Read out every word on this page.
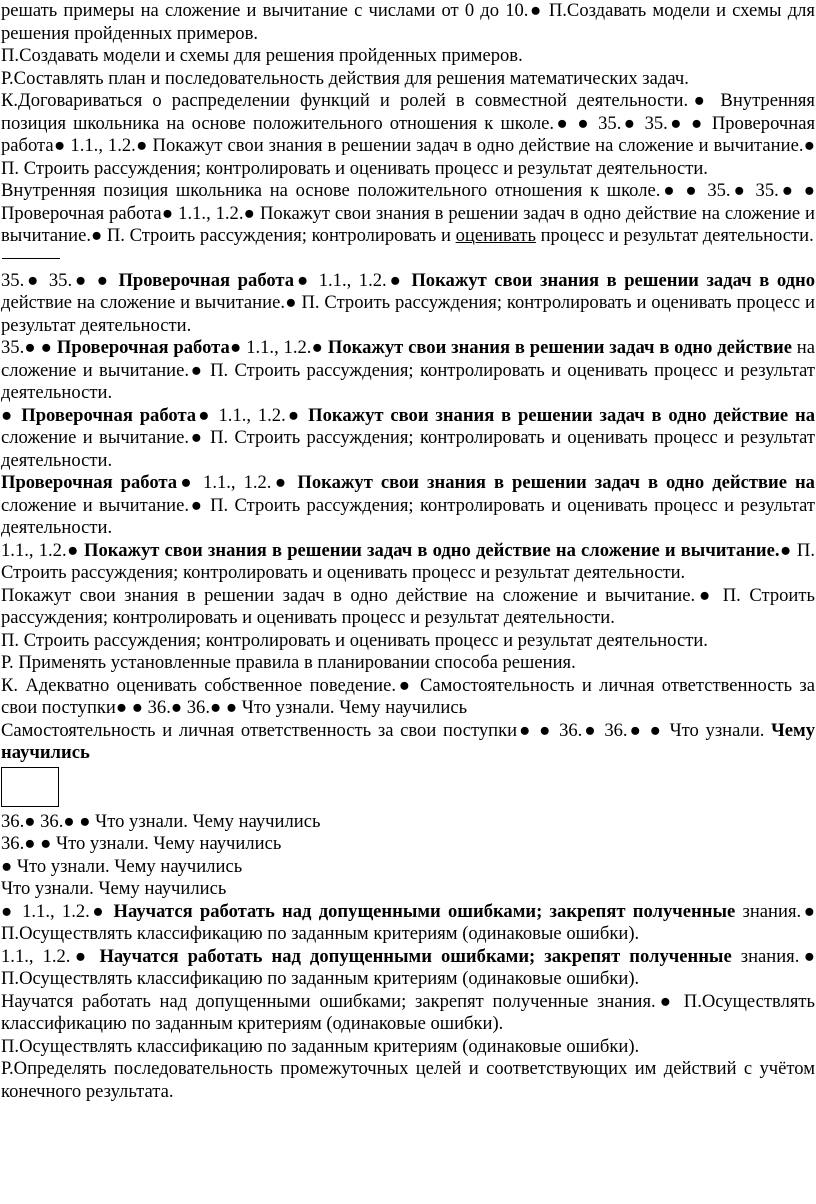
решать примеры на сложение и вычитание с числами от 0 до 10.● П.Создавать модели и схемы для решения пройденных примеров.

П.Создавать модели и схемы для решения пройденных примеров.

Р.Составлять план и последовательность действия для решения математических задач.

К.Договариваться о распределении функций и ролей в совместной деятельности.● Внутренняя позиция школьника на основе положительного отношения к школе.● ● 35.● 35.● ● Проверочная работа● 1.1., 1.2.● Покажут свои знания в решении задач в одно действие на сложение и вычитание.● П. Строить рассуждения; контролировать и оценивать процесс и результат деятельности.

Внутренняя позиция школьника на основе положительного отношения к школе.● ● 35.● 35.● ● Проверочная работа● 1.1., 1.2.● Покажут свои знания в решении задач в одно действие на сложение и вычитание.● П. Строить рассуждения; контролировать и оценивать процесс и результат деятельности.

35.● 35.● ● Проверочная работа● 1.1., 1.2.● Покажут свои знания в решении задач в одно действие на сложение и вычитание.● П. Строить рассуждения; контролировать и оценивать процесс и результат деятельности.

35.● ● Проверочная работа● 1.1., 1.2.● Покажут свои знания в решении задач в одно действие на сложение и вычитание.● П. Строить рассуждения; контролировать и оценивать процесс и результат деятельности.

● Проверочная работа● 1.1., 1.2.● Покажут свои знания в решении задач в одно действие на сложение и вычитание.● П. Строить рассуждения; контролировать и оценивать процесс и результат деятельности.

Проверочная работа● 1.1., 1.2.● Покажут свои знания в решении задач в одно действие на сложение и вычитание.● П. Строить рассуждения; контролировать и оценивать процесс и результат деятельности.

1.1., 1.2.● Покажут свои знания в решении задач в одно действие на сложение и вычитание.● П. Строить рассуждения; контролировать и оценивать процесс и результат деятельности.

Покажут свои знания в решении задач в одно действие на сложение и вычитание.● П. Строить рассуждения; контролировать и оценивать процесс и результат деятельности.

П. Строить рассуждения; контролировать и оценивать процесс и результат деятельности.

Р. Применять установленные правила в планировании способа решения.

К. Адекватно оценивать собственное поведение.● Самостоятельность и личная ответственность за свои поступки● ● 36.● 36.● ● Что узнали. Чему научились

Самостоятельность и личная ответственность за свои поступки● ● 36.● 36.● ● Что узнали. Чему научились

36.● 36.● ● Что узнали. Чему научились

36.● ● Что узнали. Чему научились

● Что узнали. Чему научились

Что узнали. Чему научились

● 1.1., 1.2.● Научатся работать над допущенными ошибками; закрепят полученные знания.● П.Осуществлять классификацию по заданным критериям (одинаковые ошибки).

1.1., 1.2.● Научатся работать над допущенными ошибками; закрепят полученные знания.● П.Осуществлять классификацию по заданным критериям (одинаковые ошибки).

Научатся работать над допущенными ошибками; закрепят полученные знания.● П.Осуществлять классификацию по заданным критериям (одинаковые ошибки).

П.Осуществлять классификацию по заданным критериям (одинаковые ошибки).

Р.Определять последовательность промежуточных целей и соответствующих им действий с учётом конечного результата.
